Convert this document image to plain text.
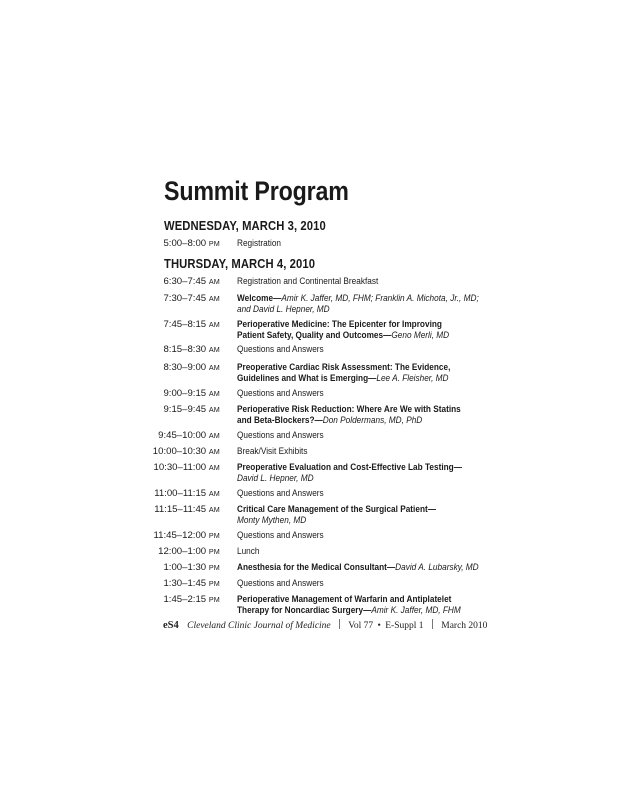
Summit Program
WEDNESDAY, MARCH 3, 2010
5:00–8:00 PM Registration
THURSDAY, MARCH 4, 2010
6:30–7:45 AM Registration and Continental Breakfast
7:30–7:45 AM Welcome—Amir K. Jaffer, MD, FHM; Franklin A. Michota, Jr., MD;
and David L. Hepner, MD
7:45–8:15 AM Perioperative Medicine: The Epicenter for Improving
Patient Safety, Quality and Outcomes—Geno Merli, MD
8:15–8:30 AM Questions and Answers
8:30–9:00 AM Preoperative Cardiac Risk Assessment: The Evidence,
Guidelines and What is Emerging—Lee A. Fleisher, MD
9:00–9:15 AM Questions and Answers
9:15–9:45 AM Perioperative Risk Reduction: Where Are We with Statins
and Beta-Blockers?—Don Poldermans, MD, PhD
9:45–10:00 AM Questions and Answers
10:00–10:30 AM Break/Visit Exhibits
10:30–11:00 AM Preoperative Evaluation and Cost-Effective Lab Testing—
David L. Hepner, MD
11:00–11:15 AM Questions and Answers
11:15–11:45 AM Critical Care Management of the Surgical Patient—
Monty Mythen, MD
11:45–12:00 PM Questions and Answers
12:00–1:00 PM Lunch
1:00–1:30 PM Anesthesia for the Medical Consultant—David A. Lubarsky, MD
1:30–1:45 PM Questions and Answers
1:45–2:15 PM Perioperative Management of Warfarin and Antiplatelet
Therapy for Noncardiac Surgery—Amir K. Jaffer, MD, FHM
eS4 Cleveland Clinic Journal of Medicine Vol 77 • E-Suppl 1 March 2010
